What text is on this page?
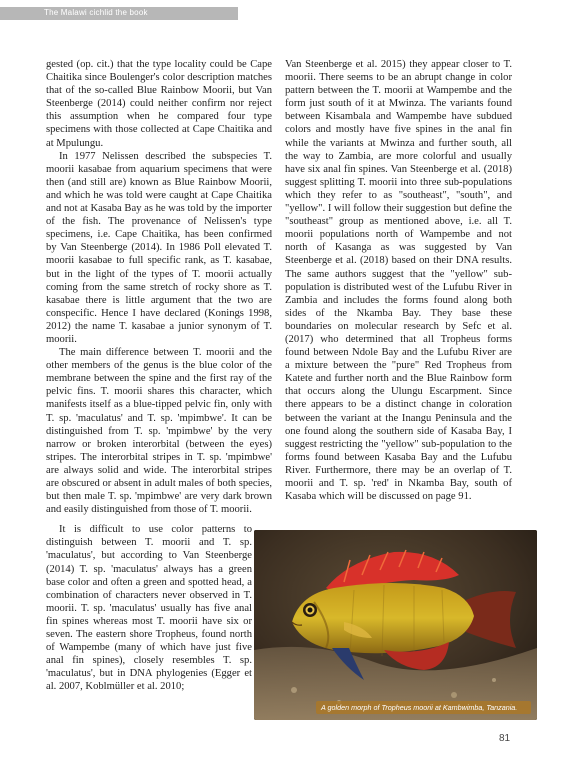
The Malawi cichlid the book

gested (op. cit.) that the type locality could be Cape Chaitika since Boulenger's color description matches that of the so-called Blue Rainbow Moorii, but Van Steenberge (2014) could neither confirm nor reject this assumption when he compared four type specimens with those collected at Cape Chaitika and at Mpulungu.

In 1977 Nelissen described the subspecies T. moorii kasabae from aquarium specimens that were then (and still are) known as Blue Rainbow Moorii, and which he was told were caught at Cape Chaitika and not at Kasaba Bay as he was told by the importer of the fish. The provenance of Nelissen's type specimens, i.e. Cape Chaitika, has been confirmed by Van Steenberge (2014). In 1986 Poll elevated T. moorii kasabae to full specific rank, as T. kasabae, but in the light of the types of T. moorii actually coming from the same stretch of rocky shore as T. kasabae there is little argument that the two are conspecific. Hence I have declared (Konings 1998, 2012) the name T. kasabae a junior synonym of T. moorii.

The main difference between T. moorii and the other members of the genus is the blue color of the membrane between the spine and the first ray of the pelvic fins. T. moorii shares this character, which manifests itself as a blue-tipped pelvic fin, only with T. sp. 'maculatus' and T. sp. 'mpimbwe'. It can be distinguished from T. sp. 'mpimbwe' by the very narrow or broken interorbital (between the eyes) stripes. The interorbital stripes in T. sp. 'mpimbwe' are always solid and wide. The interorbital stripes are obscured or absent in adult males of both species, but then male T. sp. 'mpimbwe' are very dark brown and easily distinguished from those of T. moorii.

It is difficult to use color patterns to distinguish between T. moorii and T. sp. 'maculatus', but according to Van Steenberge (2014) T. sp. 'maculatus' always has a green base color and often a green and spotted head, a combination of characters never observed in T. moorii. T. sp. 'maculatus' usually has five anal fin spines whereas most T. moorii have six or seven. The eastern shore Tropheus, found north of Wampembe (many of which have just five anal fin spines), closely resembles T. sp. 'maculatus', but in DNA phylogenies (Egger et al. 2007, Koblmüller et al. 2010;

Van Steenberge et al. 2015) they appear closer to T. moorii. There seems to be an abrupt change in color pattern between the T. moorii at Wampembe and the form just south of it at Mwinza. The variants found between Kisambala and Wampembe have subdued colors and mostly have five spines in the anal fin while the variants at Mwinza and further south, all the way to Zambia, are more colorful and usually have six anal fin spines. Van Steenberge et al. (2018) suggest splitting T. moorii into three sub-populations which they refer to as "southeast", "south", and "yellow". I will follow their suggestion but define the "southeast" group as mentioned above, i.e. all T. moorii populations north of Wampembe and not north of Kasanga as was suggested by Van Steenberge et al. (2018) based on their DNA results. The same authors suggest that the "yellow" sub-population is distributed west of the Lufubu River in Zambia and includes the forms found along both sides of the Nkamba Bay. They base these boundaries on molecular research by Sefc et al. (2017) who determined that all Tropheus forms found between Ndole Bay and the Lufubu River are a mixture between the "pure" Red Tropheus from Katete and further north and the Blue Rainbow form that occurs along the Ulungu Escarpment. Since there appears to be a distinct change in coloration between the variant at the Inangu Peninsula and the one found along the southern side of Kasaba Bay, I suggest restricting the "yellow" sub-population to the forms found between Kasaba Bay and the Lufubu River. Furthermore, there may be an overlap of T. moorii and T. sp. 'red' in Nkamba Bay, south of Kasaba which will be discussed on page 91.

A golden morph of Tropheus moorii at Kambwimba, Tanzania.
81
